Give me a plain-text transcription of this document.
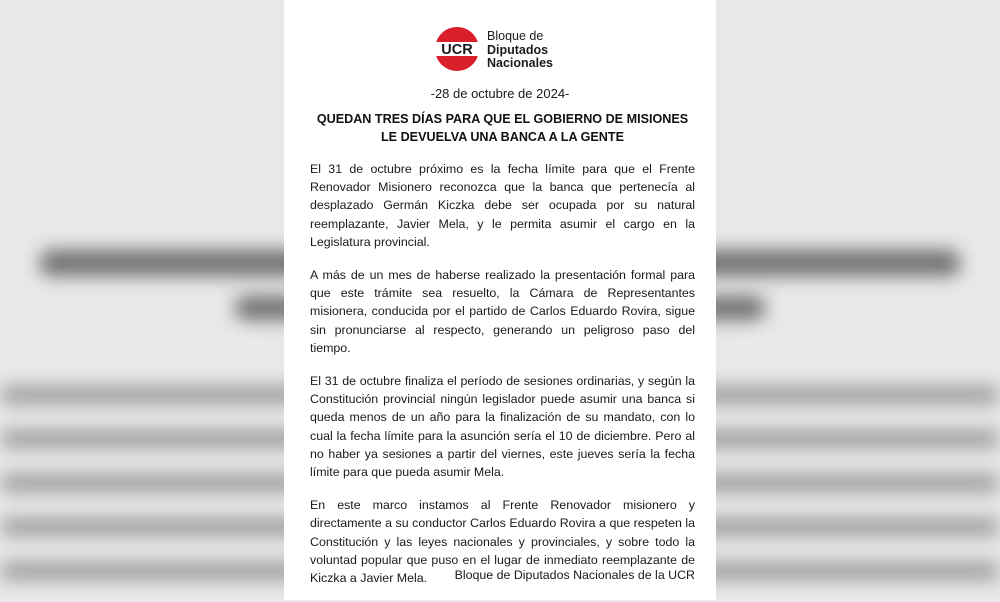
UCR
Bloque de
Diputados
Nacionales
-28 de octubre de 2024-
QUEDAN TRES DÍAS PARA QUE EL GOBIERNO DE MISIONES LE DEVUELVA UNA BANCA A LA GENTE

El 31 de octubre próximo es la fecha límite para que el Frente Renovador Misionero reconozca que la banca que pertenecía al desplazado Germán Kiczka debe ser ocupada por su natural reemplazante, Javier Mela, y le permita asumir el cargo en la Legislatura provincial.

A más de un mes de haberse realizado la presentación formal para que este trámite sea resuelto, la Cámara de Representantes misionera, conducida por el partido de Carlos Eduardo Rovira, sigue sin pronunciarse al respecto, generando un peligroso paso del tiempo.

El 31 de octubre finaliza el período de sesiones ordinarias, y según la Constitución provincial ningún legislador puede asumir una banca si queda menos de un año para la finalización de su mandato, con lo cual la fecha límite para la asunción sería el 10 de diciembre. Pero al no haber ya sesiones a partir del viernes, este jueves sería la fecha límite para que pueda asumir Mela.

En este marco instamos al Frente Renovador misionero y directamente a su conductor Carlos Eduardo Rovira a que respeten la Constitución y las leyes nacionales y provinciales, y sobre todo la voluntad popular que puso en el lugar de inmediato reemplazante de Kiczka a Javier Mela.	Bloque de Diputados Nacionales de la UCR
